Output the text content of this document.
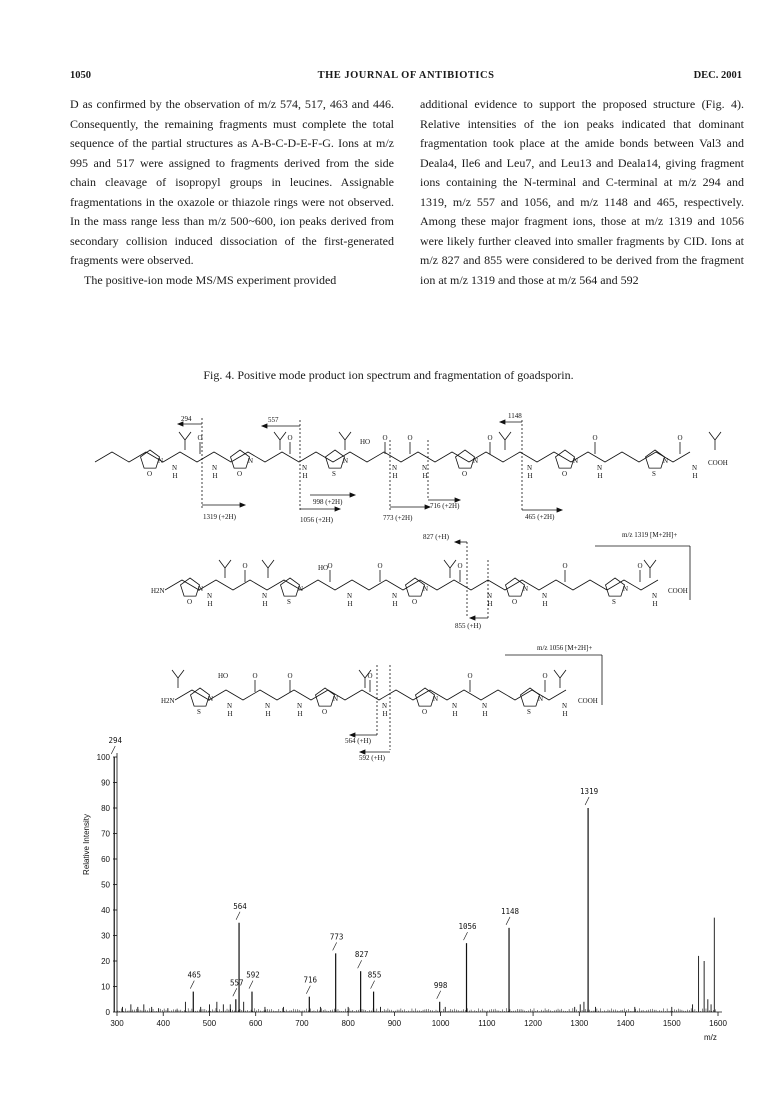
1050	THE JOURNAL OF ANTIBIOTICS	DEC. 2001

D as confirmed by the observation of m/z 574, 517, 463 and 446. Consequently, the remaining fragments must complete the total sequence of the partial structures as A-B-C-D-E-F-G. Ions at m/z 995 and 517 were assigned to fragments derived from the side chain cleavage of isopropyl groups in leucines. Assignable fragmentations in the oxazole or thiazole rings were not observed. In the mass range less than m/z 500~600, ion peaks derived from secondary collision induced dissociation of the first-generated fragments were observed.

The positive-ion mode MS/MS experiment provided

additional evidence to support the proposed structure (Fig. 4). Relative intensities of the ion peaks indicated that dominant fragmentation took place at the amide bonds between Val3 and Deala4, Ile6 and Leu7, and Leu13 and Deala14, giving fragment ions containing the N-terminal and C-terminal at m/z 294 and 1319, m/z 557 and 1056, and m/z 1148 and 465, respectively. Among these major fragment ions, those at m/z 1319 and 1056 were likely further cleaved into smaller fragments by CID. Ions at m/z 827 and 855 were considered to be derived from the fragment ion at m/z 1319 and those at m/z 564 and 592

Fig. 4. Positive mode product ion spectrum and fragmentation of goadsporin.
O
N
O
N
S
N
O
N
O
N
S
N
O	O	O	O	O	O	O
N
H
N
H
N
H
N
H
N
H
N
H
N
H
N
H
COOH
HO
294	557	1148
1319 (+2H)	1056 (+2H)
998 (+2H)
773 (+2H)
716 (+2H)
465 (+2H)
H2N
O
N
S
N
O
N
O
N
S
N
O	O	O	O	O	O
N
H
N
H
N
H
N
H
N
H
N
H
N
H
COOH
HO
827 (+H)
855 (+H)
m/z 1319 [M+2H]+
H2N
S
N
O
N
O
N
S
N
O	O	O	O	O
N
H
N
H
N
H
N
H
N
H
N
H
N
H
COOH
HO
564 (+H)
592 (+H)
m/z 1056 [M+2H]+
0
10
20
30
40
50
60
70
80
90
100
300	400	500	600	700	800	900	1000	1100	1200	1300	1400	1500	1600
m/z
Relative Intensity
294
465
557
564
592
716
773
827
855
998
1056
1148
1319
